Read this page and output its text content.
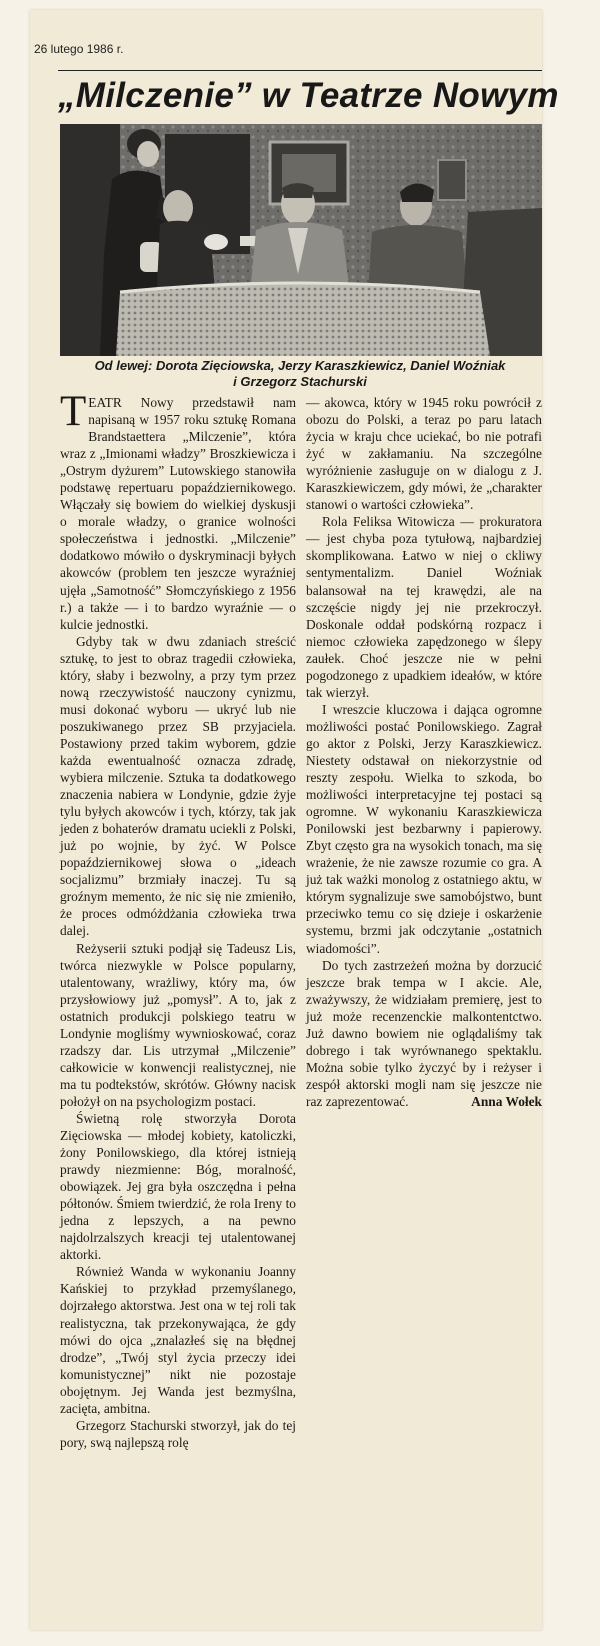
26 lutego 1986 r.
„Milczenie” w Teatrze Nowym
Od lewej: Dorota Zięciowska, Jerzy Karaszkiewicz, Daniel Woźniak
i Grzegorz Stachurski

TEATR Nowy przedstawił nam napisaną w 1957 roku sztukę Romana Brandstaettera „Milczenie”, która wraz z „Imionami władzy” Broszkiewicza i „Ostrym dyżurem” Lutowskiego stanowiła podstawę repertuaru popaździernikowego. Włączały się bowiem do wielkiej dyskusji o morale władzy, o granice wolności społeczeństwa i jednostki. „Milczenie” dodatkowo mówiło o dyskryminacji byłych akowców (problem ten jeszcze wyraźniej ujęła „Samotność” Słomczyńskiego z 1956 r.) a także — i to bardzo wyraźnie — o kulcie jednostki.

Gdyby tak w dwu zdaniach streścić sztukę, to jest to obraz tragedii człowieka, który, słaby i bezwolny, a przy tym przez nową rzeczywistość nauczony cynizmu, musi dokonać wyboru — ukryć lub nie poszukiwanego przez SB przyjaciela. Postawiony przed takim wyborem, gdzie każda ewentualność oznacza zdradę, wybiera milczenie. Sztuka ta dodatkowego znaczenia nabiera w Londynie, gdzie żyje tylu byłych akowców i tych, którzy, tak jak jeden z bohaterów dramatu uciekli z Polski, już po wojnie, by żyć. W Polsce popaździernikowej słowa o „ideach socjalizmu” brzmiały inaczej. Tu są groźnym memento, że nic się nie zmieniło, że proces odmóżdżania człowieka trwa dalej.

Reżyserii sztuki podjął się Tadeusz Lis, twórca niezwykle w Polsce popularny, utalentowany, wrażliwy, który ma, ów przysłowiowy już „pomysł”. A to, jak z ostatnich produkcji polskiego teatru w Londynie mogliśmy wywnioskować, coraz rzadszy dar. Lis utrzymał „Milczenie” całkowicie w konwencji realistycznej, nie ma tu podtekstów, skrótów. Główny nacisk położył on na psychologizm postaci.

Świetną rolę stworzyła Dorota Zięciowska — młodej kobiety, katoliczki, żony Ponilowskiego, dla której istnieją prawdy niezmienne: Bóg, moralność, obowiązek. Jej gra była oszczędna i pełna półtonów. Śmiem twierdzić, że rola Ireny to jedna z lepszych, a na pewno najdolrzalszych kreacji tej utalentowanej aktorki.

Również Wanda w wykonaniu Joanny Kańskiej to przykład przemyślanego, dojrzałego aktorstwa. Jest ona w tej roli tak realistyczna, tak przekonywająca, że gdy mówi do ojca „znalazłeś się na błędnej drodze”, „Twój styl życia przeczy idei komunistycznej” nikt nie pozostaje obojętnym. Jej Wanda jest bezmyślna, zacięta, ambitna.

Grzegorz Stachurski stworzył, jak do tej pory, swą najlepszą rolę

— akowca, który w 1945 roku powrócił z obozu do Polski, a teraz po paru latach życia w kraju chce uciekać, bo nie potrafi żyć w zakłamaniu. Na szczególne wyróżnienie zasługuje on w dialogu z J. Karaszkiewiczem, gdy mówi, że „charakter stanowi o wartości człowieka”.

Rola Feliksa Witowicza — prokuratora — jest chyba poza tytułową, najbardziej skomplikowana. Łatwo w niej o ckliwy sentymentalizm. Daniel Woźniak balansował na tej krawędzi, ale na szczęście nigdy jej nie przekroczył. Doskonale oddał podskórną rozpacz i niemoc człowieka zapędzonego w ślepy zaułek. Choć jeszcze nie w pełni pogodzonego z upadkiem ideałów, w które tak wierzył.

I wreszcie kluczowa i dająca ogromne możliwości postać Ponilowskiego. Zagrał go aktor z Polski, Jerzy Karaszkiewicz. Niestety odstawał on niekorzystnie od reszty zespołu. Wielka to szkoda, bo możliwości interpretacyjne tej postaci są ogromne. W wykonaniu Karaszkiewicza Ponilowski jest bezbarwny i papierowy. Zbyt często gra na wysokich tonach, ma się wrażenie, że nie zawsze rozumie co gra. A już tak ważki monolog z ostatniego aktu, w którym sygnalizuje swe samobójstwo, bunt przeciwko temu co się dzieje i oskarżenie systemu, brzmi jak odczytanie „ostatnich wiadomości”.

Do tych zastrzeżeń można by dorzucić jeszcze brak tempa w I akcie. Ale, zważywszy, że widziałam premierę, jest to już może recenzenckie malkontentctwo. Już dawno bowiem nie oglądaliśmy tak dobrego i tak wyrównanego spektaklu. Można sobie tylko życzyć by i reżyser i zespół aktorski mogli nam się jeszcze nie raz zaprezentować.	Anna Wołek
